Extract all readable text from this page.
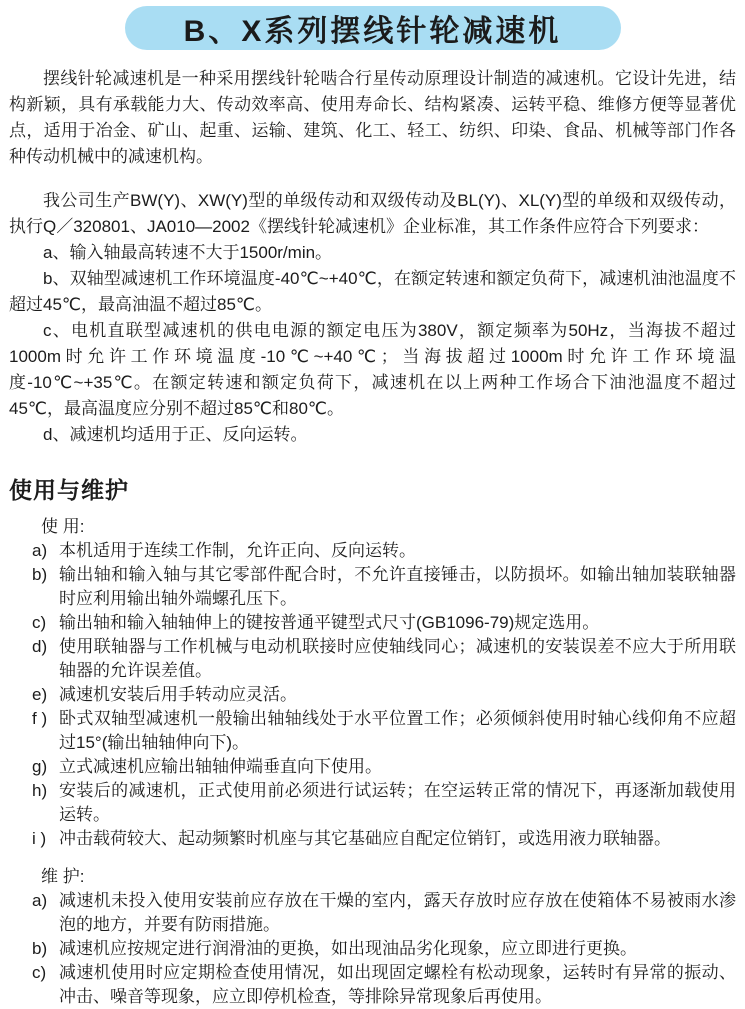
B、X系列摆线针轮减速机

摆线针轮减速机是一种采用摆线针轮啮合行星传动原理设计制造的减速机。它设计先进，结构新颖，具有承载能力大、传动效率高、使用寿命长、结构紧凑、运转平稳、维修方便等显著优点，适用于冶金、矿山、起重、运输、建筑、化工、轻工、纺织、印染、食品、机械等部门作各种传动机械中的减速机构。

我公司生产BW(Y)、XW(Y)型的单级传动和双级传动及BL(Y)、XL(Y)型的单级和双级传动，执行Q／320801、JA010—2002《摆线针轮减速机》企业标准，其工作条件应符合下列要求：

a、输入轴最高转速不大于1500r/min。

b、双轴型减速机工作环境温度-40℃~+40℃，在额定转速和额定负荷下，减速机油池温度不超过45℃，最高油温不超过85℃。

c、电机直联型减速机的供电电源的额定电压为380V，额定频率为50Hz，当海拔不超过1000m时允许工作环境温度-10℃~+40℃；当海拔超过1000m时允许工作环境温度-10℃~+35℃。在额定转速和额定负荷下，减速机在以上两种工作场合下油池温度不超过45℃，最高温度应分别不超过85℃和80℃。

d、减速机均适用于正、反向运转。

使用与维护
使 用:
a) 本机适用于连续工作制，允许正向、反向运转。
b) 输出轴和输入轴与其它零部件配合时，不允许直接锤击，以防损坏。如输出轴加装联轴器时应利用输出轴外端螺孔压下。
c) 输出轴和输入轴轴伸上的键按普通平键型式尺寸(GB1096-79)规定选用。
d) 使用联轴器与工作机械与电动机联接时应使轴线同心；减速机的安装误差不应大于所用联轴器的允许误差值。
e) 减速机安装后用手转动应灵活。
f ) 卧式双轴型减速机一般输出轴轴线处于水平位置工作；必须倾斜使用时轴心线仰角不应超过15°(输出轴轴伸向下)。
g) 立式减速机应输出轴轴伸端垂直向下使用。
h) 安装后的减速机，正式使用前必须进行试运转；在空运转正常的情况下，再逐渐加载使用运转。
i ) 冲击载荷较大、起动频繁时机座与其它基础应自配定位销钉，或选用液力联轴器。
维 护:
a) 减速机未投入使用安装前应存放在干燥的室内，露天存放时应存放在使箱体不易被雨水渗泡的地方，并要有防雨措施。
b) 减速机应按规定进行润滑油的更换，如出现油品劣化现象，应立即进行更换。
c) 减速机使用时应定期检查使用情况，如出现固定螺栓有松动现象，运转时有异常的振动、冲击、噪音等现象，应立即停机检查，等排除异常现象后再使用。
